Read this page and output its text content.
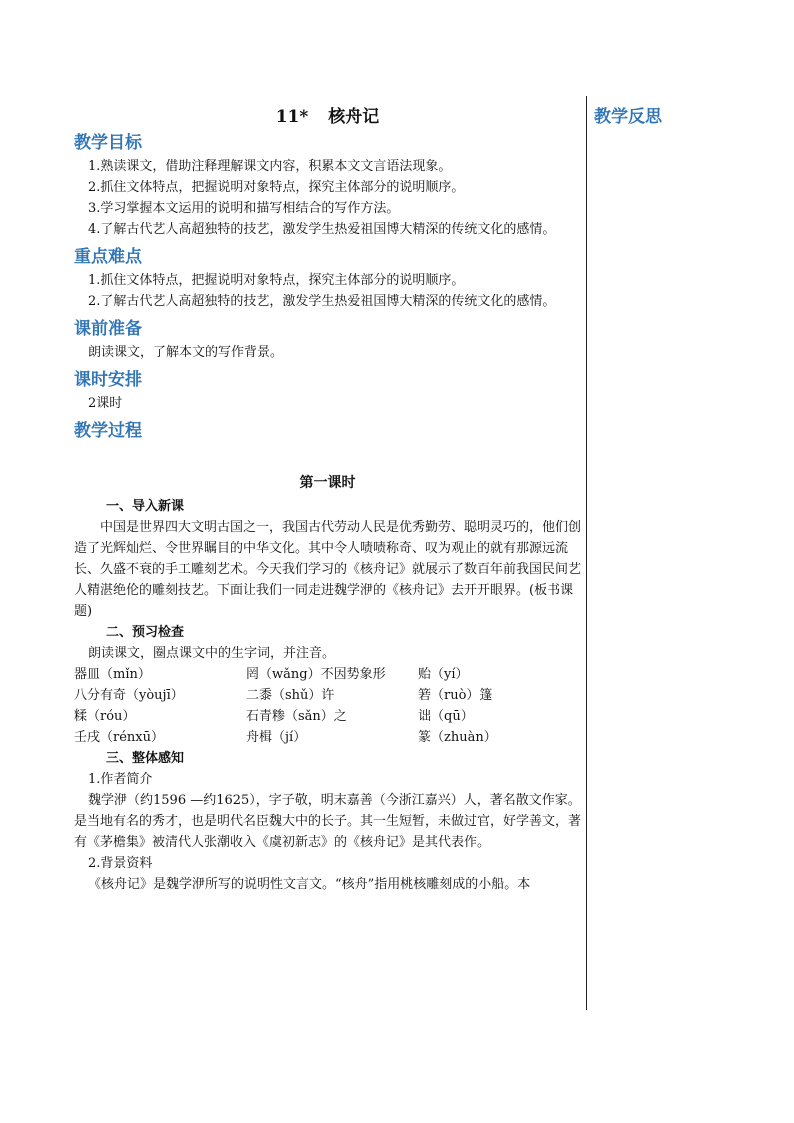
教学反思
11* 核舟记
教学目标

1.熟读课文，借助注释理解课文内容，积累本文文言语法现象。

2.抓住文体特点，把握说明对象特点，探究主体部分的说明顺序。

3.学习掌握本文运用的说明和描写相结合的写作方法。

4.了解古代艺人高超独特的技艺，激发学生热爱祖国博大精深的传统文化的感情。

重点难点

1.抓住文体特点，把握说明对象特点，探究主体部分的说明顺序。

2.了解古代艺人高超独特的技艺，激发学生热爱祖国博大精深的传统文化的感情。

课前准备

朗读课文，了解本文的写作背景。

课时安排

2课时

教学过程
第一课时
一、导入新课

中国是世界四大文明古国之一，我国古代劳动人民是优秀勤劳、聪明灵巧的，他们创造了光辉灿烂、令世界瞩目的中华文化。其中令人啧啧称奇、叹为观止的就有那源远流长、久盛不衰的手工雕刻艺术。今天我们学习的《核舟记》就展示了数百年前我国民间艺人精湛绝伦的雕刻技艺。下面让我们一同走进魏学洢的《核舟记》去开开眼界。(板书课题)

二、预习检查

朗读课文，圈点课文中的生字词，并注音。

器皿（mǐn）	罔（wǎng）不因势象形	贻（yí）
八分有奇（yòujī）	二黍（shǔ）许	箬（ruò）篷
糅（róu）	石青糁（sǎn）之	诎（qū）
壬戌（rénxū）	舟楫（jí）	篆（zhuàn）
三、整体感知

1.作者简介

魏学洢（约1596 —约1625），字子敬，明末嘉善（今浙江嘉兴）人，著名散文作家。是当地有名的秀才，也是明代名臣魏大中的长子。其一生短暂，未做过官，好学善文，著有《茅檐集》被清代人张潮收入《虞初新志》的《核舟记》是其代表作。

2.背景资料

《核舟记》是魏学洢所写的说明性文言文。“核舟”指用桃核雕刻成的小船。本
